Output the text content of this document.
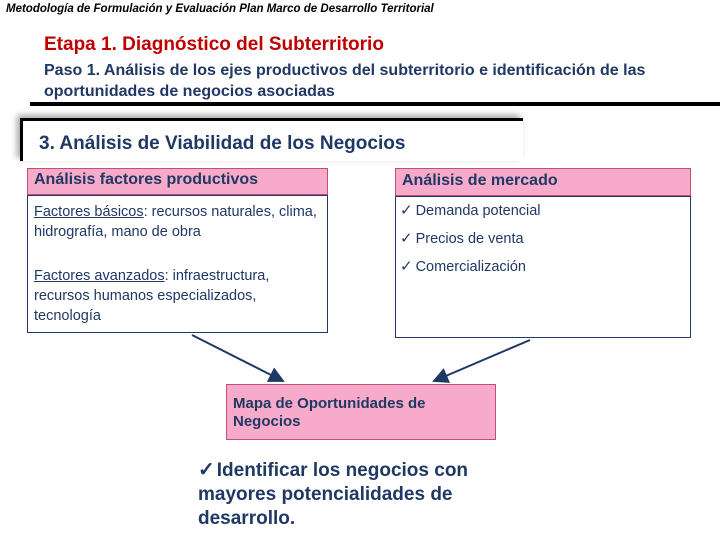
Metodología de Formulación y Evaluación Plan Marco de Desarrollo Territorial
Etapa 1. Diagnóstico del Subterritorio
Paso 1. Análisis de los ejes productivos del subterritorio e identificación de las oportunidades de negocios asociadas
3. Análisis de Viabilidad de los Negocios
Análisis factores productivos
Factores básicos: recursos naturales, clima, hidrografía, mano de obra
Factores avanzados: infraestructura, recursos humanos especializados, tecnología
Análisis de mercado
✓ Demanda potencial
✓ Precios de venta
✓ Comercialización
Mapa de Oportunidades de Negocios
✓ Identificar los negocios con mayores potencialidades de desarrollo.
